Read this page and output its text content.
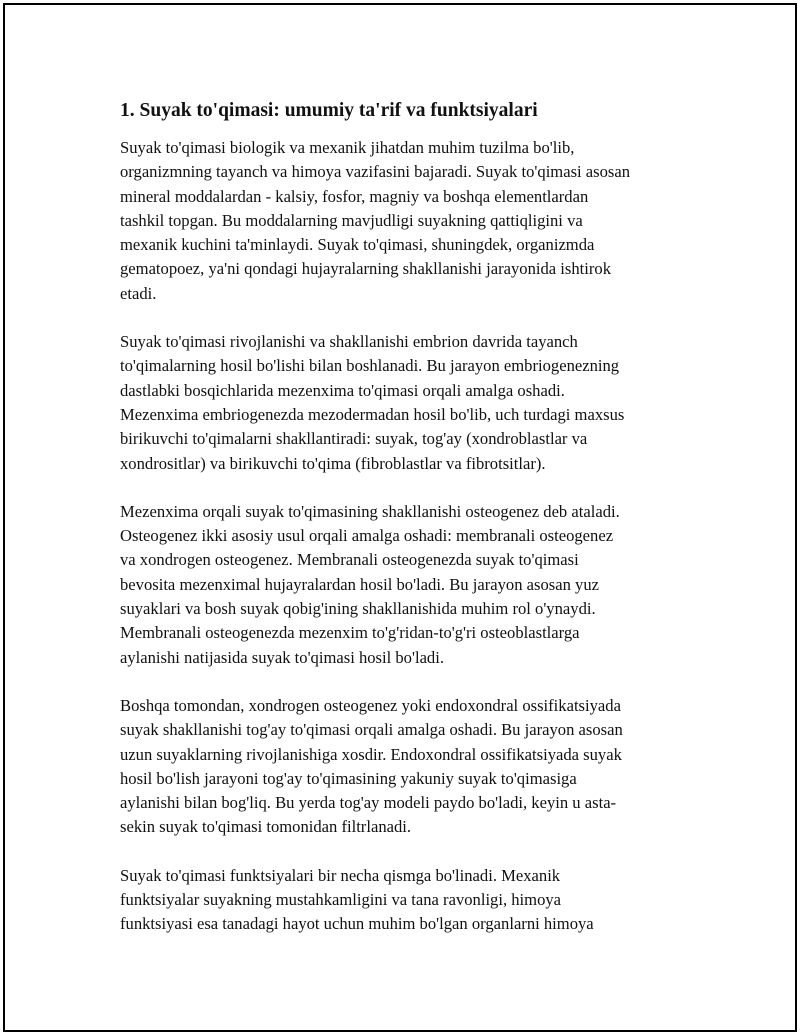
1. Suyak to'qimasi: umumiy ta'rif va funktsiyalari
Suyak to'qimasi biologik va mexanik jihatdan muhim tuzilma bo'lib,
organizmning tayanch va himoya vazifasini bajaradi. Suyak to'qimasi asosan
mineral moddalardan - kalsiy, fosfor, magniy va boshqa elementlardan
tashkil topgan. Bu moddalarning mavjudligi suyakning qattiqligini va
mexanik kuchini ta'minlaydi. Suyak to'qimasi, shuningdek, organizmda
gematopoez, ya'ni qondagi hujayralarning shakllanishi jarayonida ishtirok
etadi.
Suyak to'qimasi rivojlanishi va shakllanishi embrion davrida tayanch
to'qimalarning hosil bo'lishi bilan boshlanadi. Bu jarayon embriogenezning
dastlabki bosqichlarida mezenxima to'qimasi orqali amalga oshadi.
Mezenxima embriogenezda mezodermadan hosil bo'lib, uch turdagi maxsus
birikuvchi to'qimalarni shakllantiradi: suyak, tog'ay (xondroblastlar va
xondrositlar) va birikuvchi to'qima (fibroblastlar va fibrotsitlar).
Mezenxima orqali suyak to'qimasining shakllanishi osteogenez deb ataladi.
Osteogenez ikki asosiy usul orqali amalga oshadi: membranali osteogenez
va xondrogen osteogenez. Membranali osteogenezda suyak to'qimasi
bevosita mezenximal hujayralardan hosil bo'ladi. Bu jarayon asosan yuz
suyaklari va bosh suyak qobig'ining shakllanishida muhim rol o'ynaydi.
Membranali osteogenezda mezenxim to'g'ridan-to'g'ri osteoblastlarga
aylanishi natijasida suyak to'qimasi hosil bo'ladi.
Boshqa tomondan, xondrogen osteogenez yoki endoxondral ossifikatsiyada
suyak shakllanishi tog'ay to'qimasi orqali amalga oshadi. Bu jarayon asosan
uzun suyaklarning rivojlanishiga xosdir. Endoxondral ossifikatsiyada suyak
hosil bo'lish jarayoni tog'ay to'qimasining yakuniy suyak to'qimasiga
aylanishi bilan bog'liq. Bu yerda tog'ay modeli paydo bo'ladi, keyin u asta-
sekin suyak to'qimasi tomonidan filtrlanadi.
Suyak to'qimasi funktsiyalari bir necha qismga bo'linadi. Mexanik
funktsiyalar suyakning mustahkamligini va tana ravonligi, himoya
funktsiyasi esa tanadagi hayot uchun muhim bo'lgan organlarni himoya
